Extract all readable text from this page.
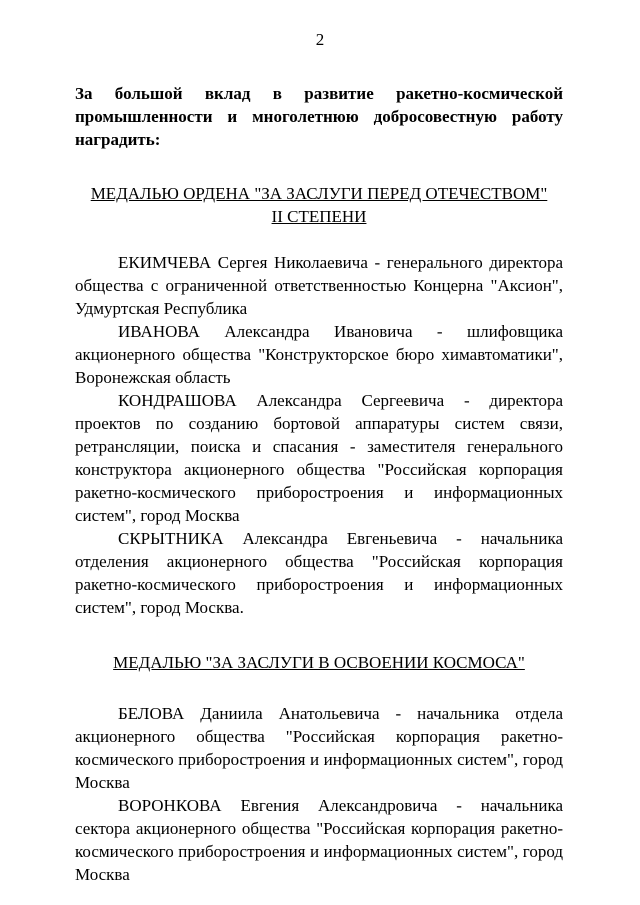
2

За большой вклад в развитие ракетно-космической
промышленности и многолетнюю добросовестную работу
наградить:

МЕДАЛЬЮ ОРДЕНА "ЗА ЗАСЛУГИ ПЕРЕД ОТЕЧЕСТВОМ"
II СТЕПЕНИ

ЕКИМЧЕВА Сергея Николаевича - генерального директора общества с ограниченной ответственностью Концерна "Аксион", Удмуртская Республика

ИВАНОВА Александра Ивановича - шлифовщика акционерного общества "Конструкторское бюро химавтоматики", Воронежская область

КОНДРАШОВА Александра Сергеевича - директора проектов по созданию бортовой аппаратуры систем связи, ретрансляции, поиска и спасания - заместителя генерального конструктора акционерного общества "Российская корпорация ракетно-космического приборостроения и информационных систем", город Москва

СКРЫТНИКА Александра Евгеньевича - начальника отделения акционерного общества "Российская корпорация ракетно-космического приборостроения и информационных систем", город Москва.

МЕДАЛЬЮ "ЗА ЗАСЛУГИ В ОСВОЕНИИ КОСМОСА"

БЕЛОВА Даниила Анатольевича - начальника отдела акционерного общества "Российская корпорация ракетно-космического приборостроения и информационных систем", город Москва

ВОРОНКОВА Евгения Александровича - начальника сектора акционерного общества "Российская корпорация ракетно-космического приборостроения и информационных систем", город Москва
